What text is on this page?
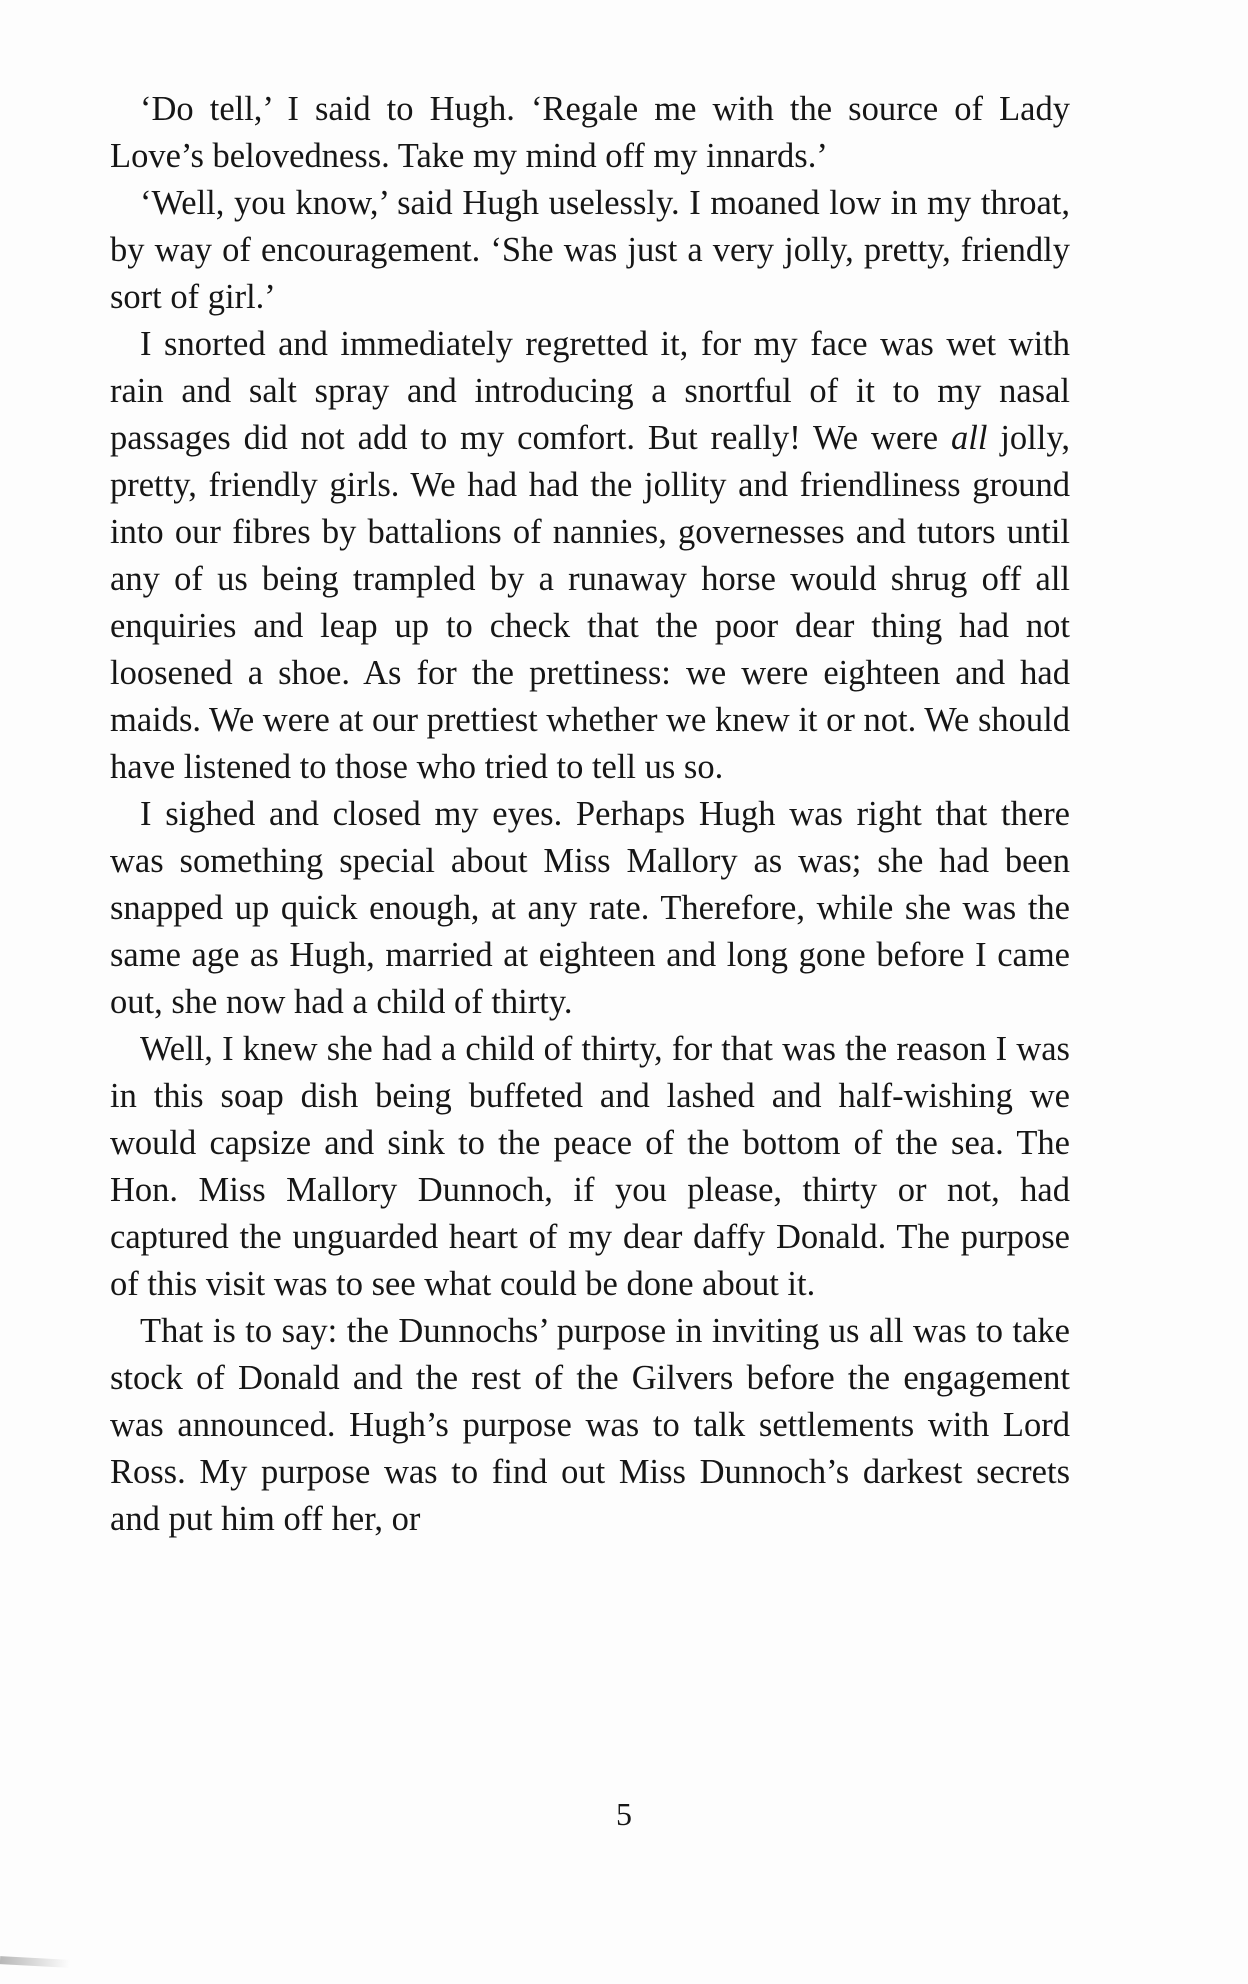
‘Do tell,’ I said to Hugh. ‘Regale me with the source of Lady Love’s belovedness. Take my mind off my innards.’

‘Well, you know,’ said Hugh uselessly. I moaned low in my throat, by way of encouragement. ‘She was just a very jolly, pretty, friendly sort of girl.’

I snorted and immediately regretted it, for my face was wet with rain and salt spray and introducing a snortful of it to my nasal passages did not add to my comfort. But really! We were all jolly, pretty, friendly girls. We had had the jollity and friendliness ground into our fibres by battalions of nannies, governesses and tutors until any of us being trampled by a runaway horse would shrug off all enquiries and leap up to check that the poor dear thing had not loosened a shoe. As for the prettiness: we were eighteen and had maids. We were at our prettiest whether we knew it or not. We should have listened to those who tried to tell us so.

I sighed and closed my eyes. Perhaps Hugh was right that there was something special about Miss Mallory as was; she had been snapped up quick enough, at any rate. Therefore, while she was the same age as Hugh, married at eighteen and long gone before I came out, she now had a child of thirty.

Well, I knew she had a child of thirty, for that was the reason I was in this soap dish being buffeted and lashed and half-wishing we would capsize and sink to the peace of the bottom of the sea. The Hon. Miss Mallory Dunnoch, if you please, thirty or not, had captured the unguarded heart of my dear daffy Donald. The purpose of this visit was to see what could be done about it.

That is to say: the Dunnochs’ purpose in inviting us all was to take stock of Donald and the rest of the Gilvers before the engagement was announced. Hugh’s purpose was to talk settlements with Lord Ross. My purpose was to find out Miss Dunnoch’s darkest secrets and put him off her, or

5
